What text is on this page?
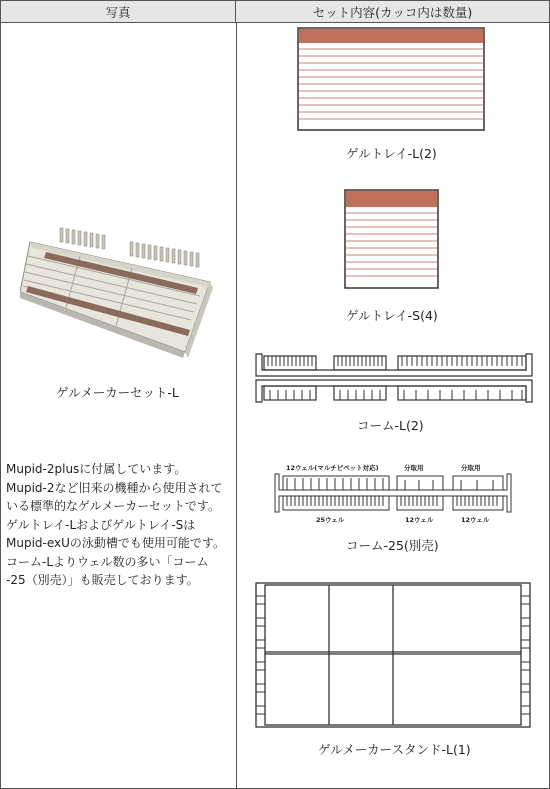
写真	セット内容(カッコ内は数量)
ゲルメーカーセット-L
Mupid-2plusに付属しています。
Mupid-2など旧来の機種から使用されて
いる標準的なゲルメーカーセットです。
ゲルトレイ-Lおよびゲルトレイ-Sは
Mupid-exUの泳動槽でも使用可能です。
コーム-Lよりウェル数の多い「コーム
-25（別売）」も販売しております。
ゲルトレイ-L(2)
ゲルトレイ-S(4)
コーム-L(2)
12ウェル(マルチピペット対応)	分取用	分取用
25ウェル	12ウェル	12ウェル
コーム-25(別売)
ゲルメーカースタンド-L(1)
